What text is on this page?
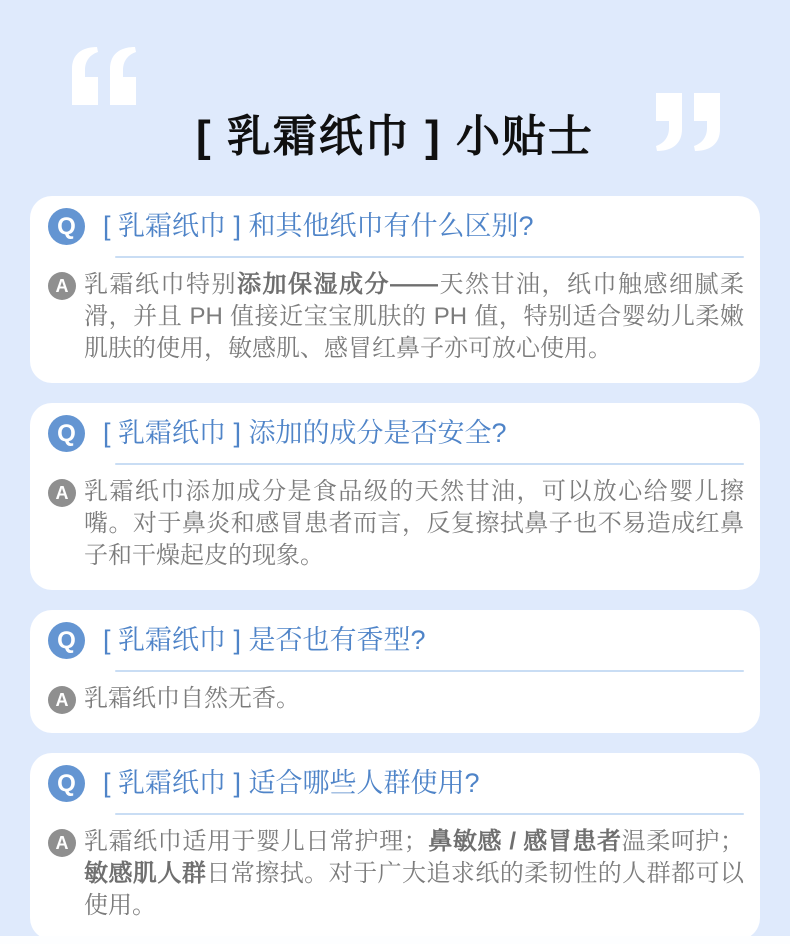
[ 乳霜纸巾 ] 小贴士
Q	[ 乳霜纸巾 ] 和其他纸巾有什么区别?
A 乳霜纸巾特别添加保湿成分——天然甘油，纸巾触感细腻柔滑，并且 PH 值接近宝宝肌肤的 PH 值，特别适合婴幼儿柔嫩肌肤的使用，敏感肌、感冒红鼻子亦可放心使用。

Q	[ 乳霜纸巾 ] 添加的成分是否安全?
A 乳霜纸巾添加成分是食品级的天然甘油，可以放心给婴儿擦嘴。对于鼻炎和感冒患者而言，反复擦拭鼻子也不易造成红鼻子和干燥起皮的现象。

Q	[ 乳霜纸巾 ] 是否也有香型?
A 乳霜纸巾自然无香。

Q	[ 乳霜纸巾 ] 适合哪些人群使用?
A 乳霜纸巾适用于婴儿日常护理；鼻敏感 / 感冒患者温柔呵护；敏感肌人群日常擦拭。对于广大追求纸的柔韧性的人群都可以使用。
